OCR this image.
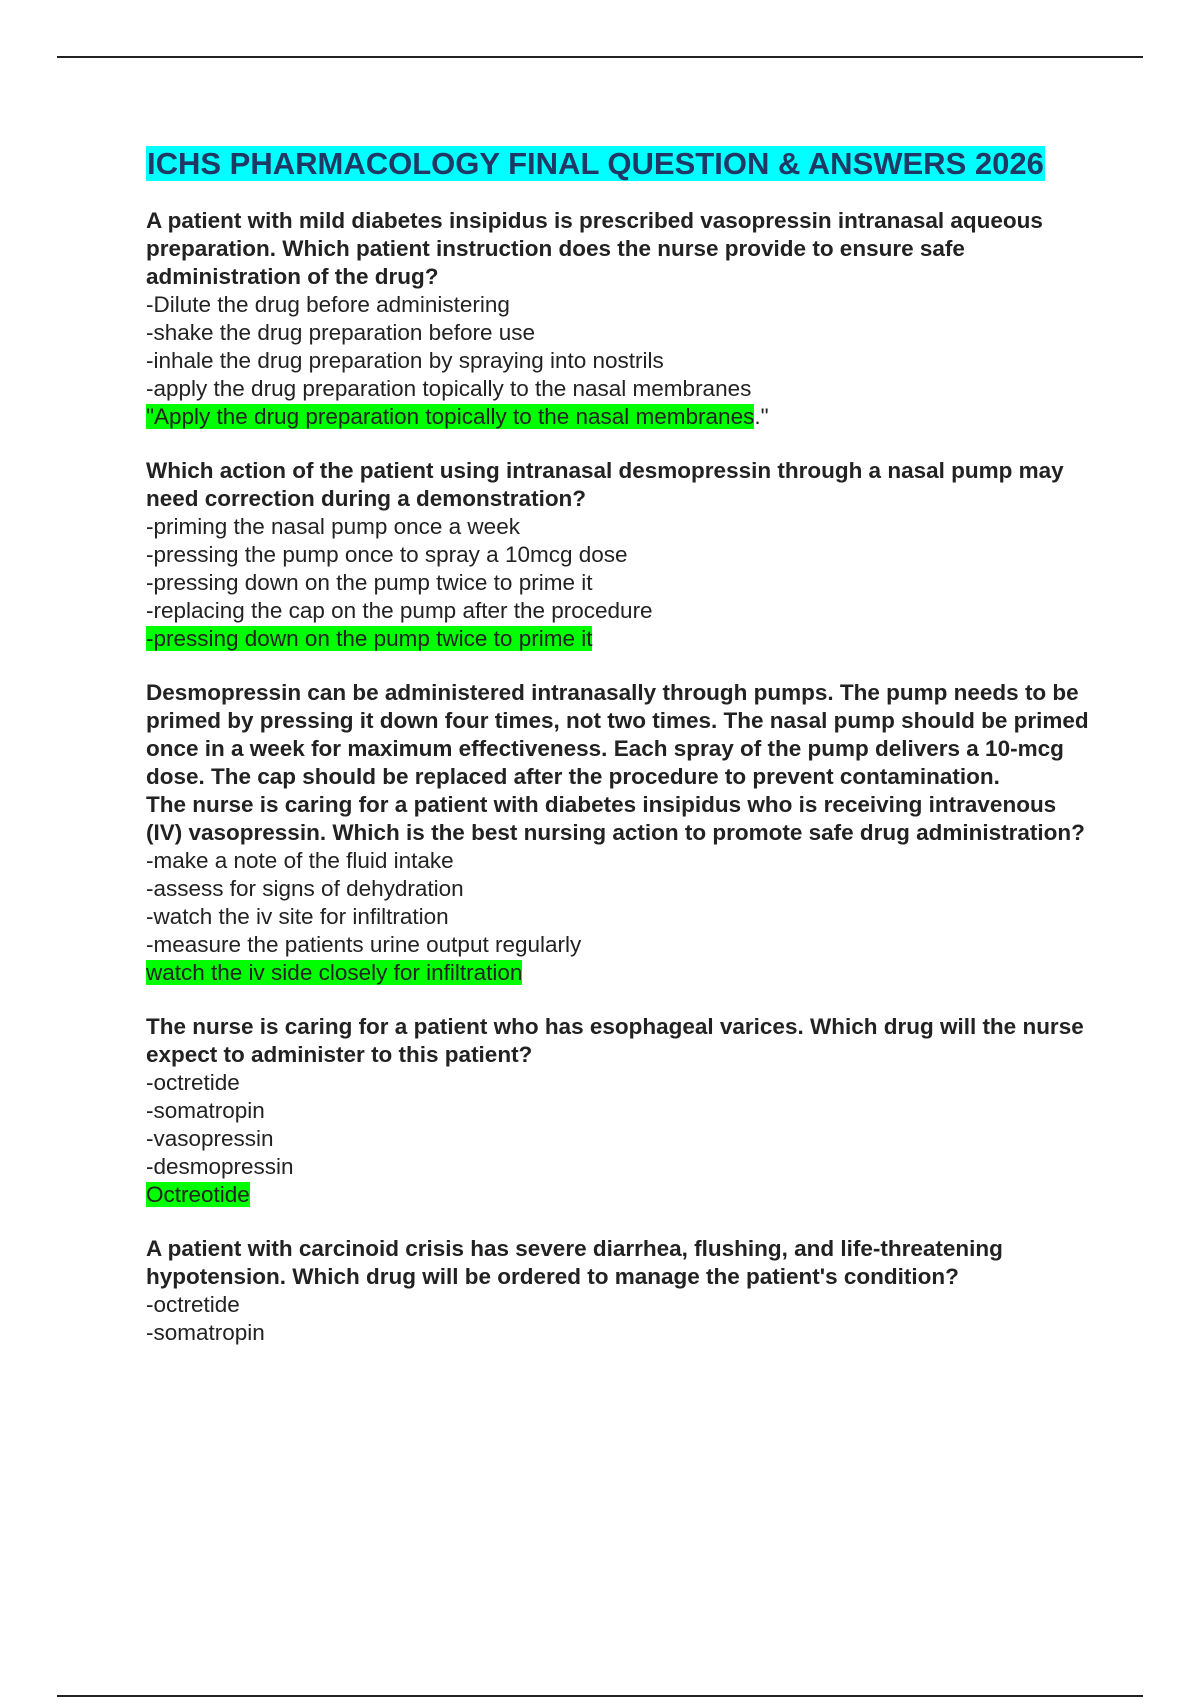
ICHS PHARMACOLOGY FINAL QUESTION & ANSWERS 2026

A patient with mild diabetes insipidus is prescribed vasopressin intranasal aqueous preparation. Which patient instruction does the nurse provide to ensure safe administration of the drug?

-Dilute the drug before administering

-shake the drug preparation before use

-inhale the drug preparation by spraying into nostrils

-apply the drug preparation topically to the nasal membranes

"Apply the drug preparation topically to the nasal membranes."

Which action of the patient using intranasal desmopressin through a nasal pump may need correction during a demonstration?

-priming the nasal pump once a week

-pressing the pump once to spray a 10mcg dose

-pressing down on the pump twice to prime it

-replacing the cap on the pump after the procedure

-pressing down on the pump twice to prime it

Desmopressin can be administered intranasally through pumps. The pump needs to be primed by pressing it down four times, not two times. The nasal pump should be primed once in a week for maximum effectiveness. Each spray of the pump delivers a 10-mcg dose. The cap should be replaced after the procedure to prevent contamination.

The nurse is caring for a patient with diabetes insipidus who is receiving intravenous (IV) vasopressin. Which is the best nursing action to promote safe drug administration?

-make a note of the fluid intake

-assess for signs of dehydration

-watch the iv site for infiltration

-measure the patients urine output regularly

watch the iv side closely for infiltration

The nurse is caring for a patient who has esophageal varices. Which drug will the nurse expect to administer to this patient?

-octretide

-somatropin

-vasopressin

-desmopressin

Octreotide

A patient with carcinoid crisis has severe diarrhea, flushing, and life-threatening hypotension. Which drug will be ordered to manage the patient's condition?

-octretide

-somatropin
